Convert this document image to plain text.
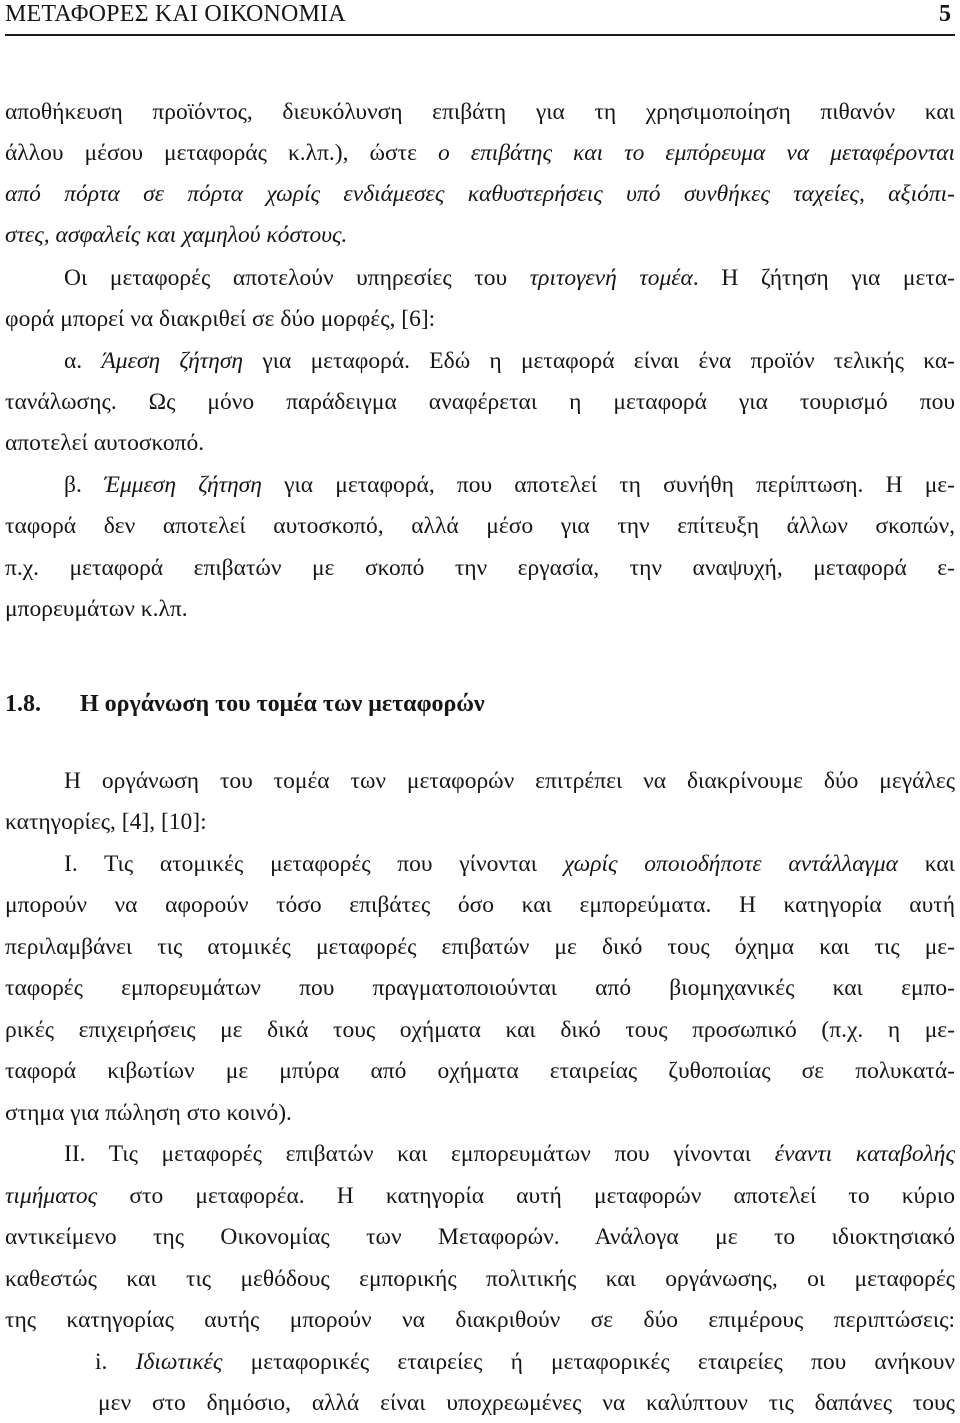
ΜΕΤΑΦΟΡΕΣ ΚΑΙ ΟΙΚΟΝΟΜΙΑ	5
αποθήκευση προϊόντος, διευκόλυνση επιβάτη για τη χρησιμοποίηση πιθανόν και
άλλου μέσου μεταφοράς κ.λπ.), ώστε ο επιβάτης και το εμπόρευμα να μεταφέρονται
από πόρτα σε πόρτα χωρίς ενδιάμεσες καθυστερήσεις υπό συνθήκες ταχείες, αξιόπι-
στες, ασφαλείς και χαμηλού κόστους.
Οι μεταφορές αποτελούν υπηρεσίες του τριτογενή τομέα. Η ζήτηση για μετα-
φορά μπορεί να διακριθεί σε δύο μορφές, [6]:
α. Άμεση ζήτηση για μεταφορά. Εδώ η μεταφορά είναι ένα προϊόν τελικής κα-
τανάλωσης. Ως μόνο παράδειγμα αναφέρεται η μεταφορά για τουρισμό που
αποτελεί αυτοσκοπό.
β. Έμμεση ζήτηση για μεταφορά, που αποτελεί τη συνήθη περίπτωση. Η με-
ταφορά δεν αποτελεί αυτοσκοπό, αλλά μέσο για την επίτευξη άλλων σκοπών,
π.χ. μεταφορά επιβατών με σκοπό την εργασία, την αναψυχή, μεταφορά ε-
μπορευμάτων κ.λπ.
1.8. Η οργάνωση του τομέα των μεταφορών
Η οργάνωση του τομέα των μεταφορών επιτρέπει να διακρίνουμε δύο μεγάλες
κατηγορίες, [4], [10]:
Ι. Τις ατομικές μεταφορές που γίνονται χωρίς οποιοδήποτε αντάλλαγμα και
μπορούν να αφορούν τόσο επιβάτες όσο και εμπορεύματα. Η κατηγορία αυτή
περιλαμβάνει τις ατομικές μεταφορές επιβατών με δικό τους όχημα και τις με-
ταφορές εμπορευμάτων που πραγματοποιούνται από βιομηχανικές και εμπο-
ρικές επιχειρήσεις με δικά τους οχήματα και δικό τους προσωπικό (π.χ. η με-
ταφορά κιβωτίων με μπύρα από οχήματα εταιρείας ζυθοποιίας σε πολυκατά-
στημα για πώληση στο κοινό).
ΙΙ. Τις μεταφορές επιβατών και εμπορευμάτων που γίνονται έναντι καταβολής
τιμήματος στο μεταφορέα. Η κατηγορία αυτή μεταφορών αποτελεί το κύριο
αντικείμενο της Οικονομίας των Μεταφορών. Ανάλογα με το ιδιοκτησιακό
καθεστώς και τις μεθόδους εμπορικής πολιτικής και οργάνωσης, οι μεταφορές
της κατηγορίας αυτής μπορούν να διακριθούν σε δύο επιμέρους περιπτώσεις:
i. Ιδιωτικές μεταφορικές εταιρείες ή μεταφορικές εταιρείες που ανήκουν
μεν στο δημόσιο, αλλά είναι υποχρεωμένες να καλύπτουν τις δαπάνες τους
